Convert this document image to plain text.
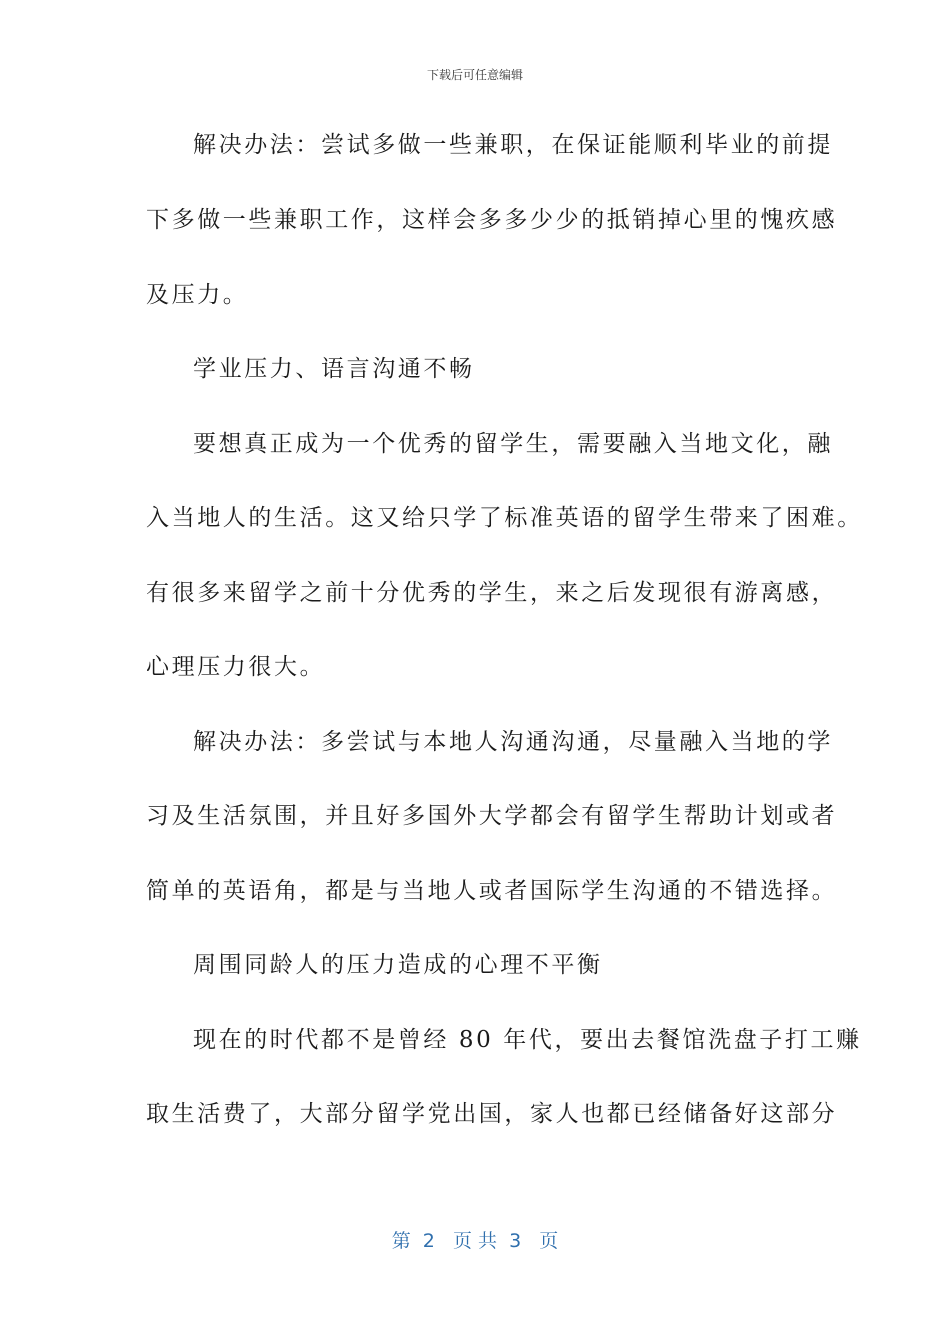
下载后可任意编辑
解决办法：尝试多做一些兼职，在保证能顺利毕业的前提
下多做一些兼职工作，这样会多多少少的抵销掉心里的愧疚感
及压力。
学业压力、语言沟通不畅
要想真正成为一个优秀的留学生，需要融入当地文化，融
入当地人的生活。这又给只学了标准英语的留学生带来了困难。
有很多来留学之前十分优秀的学生，来之后发现很有游离感，
心理压力很大。
解决办法：多尝试与本地人沟通沟通，尽量融入当地的学
习及生活氛围，并且好多国外大学都会有留学生帮助计划或者
简单的英语角，都是与当地人或者国际学生沟通的不错选择。
周围同龄人的压力造成的心理不平衡
现在的时代都不是曾经 80 年代，要出去餐馆洗盘子打工赚
取生活费了，大部分留学党出国，家人也都已经储备好这部分
第  2   页 共  3   页
